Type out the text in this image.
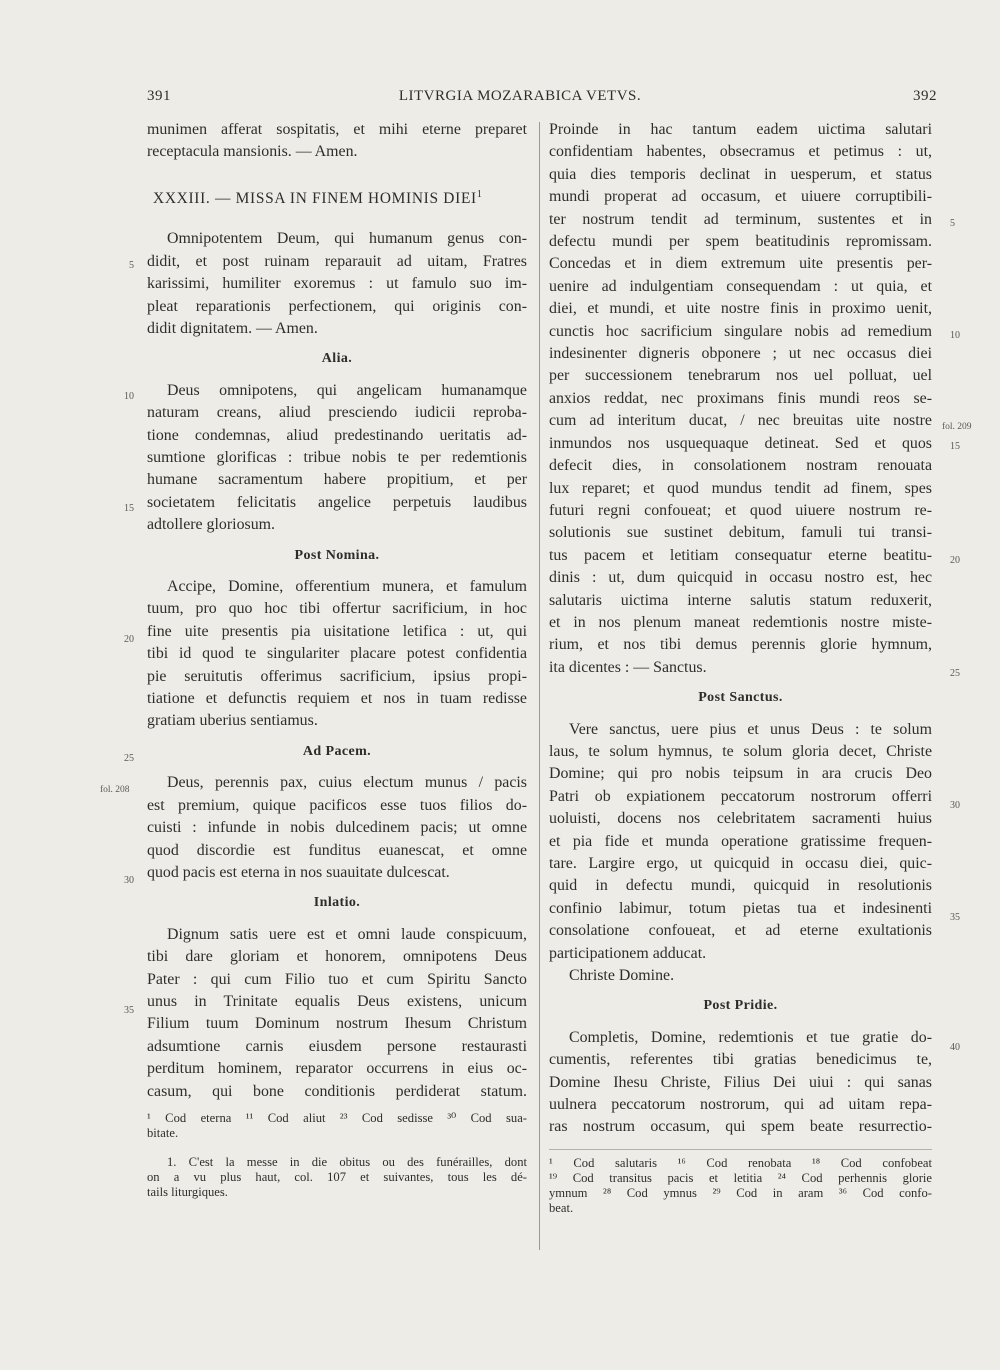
391	LITVRGIA MOZARABICA VETVS.	392
munimen afferat sospitatis, et mihi eterne preparet
receptacula mansionis. — Amen.
XXXIII. — MISSA IN FINEM HOMINIS DIEI$^1$
Omnipotentem Deum, qui humanum genus con-
didit, et post ruinam reparauit ad uitam, Fratres
karissimi, humiliter exoremus : ut famulo suo im-
pleat reparationis perfectionem, qui originis con-
didit dignitatem. — Amen.
Alia.
Deus omnipotens, qui angelicam humanamque
naturam creans, aliud presciendo iudicii reproba-
tione condemnas, aliud predestinando ueritatis ad-
sumtione glorificas : tribue nobis te per redemtionis
humane sacramentum habere propitium, et per
societatem felicitatis angelice perpetuis laudibus
adtollere gloriosum.
Post Nomina.
Accipe, Domine, offerentium munera, et famulum
tuum, pro quo hoc tibi offertur sacrificium, in hoc
fine uite presentis pia uisitatione letifica : ut, qui
tibi id quod te singulariter placare potest confidentia
pie seruitutis offerimus sacrificium, ipsius propi-
tiatione et defunctis requiem et nos in tuam redisse
gratiam uberius sentiamus.
Ad Pacem.
Deus, perennis pax, cuius electum munus / pacis
est premium, quique pacificos esse tuos filios do-
cuisti : infunde in nobis dulcedinem pacis; ut omne
quod discordie est funditus euanescat, et omne
quod pacis est eterna in nos suauitate dulcescat.
Inlatio.
Dignum satis uere est et omni laude conspicuum,
tibi dare gloriam et honorem, omnipotens Deus
Pater : qui cum Filio tuo et cum Spiritu Sancto
unus in Trinitate equalis Deus existens, unicum
Filium tuum Dominum nostrum Ihesum Christum
adsumtione carnis eiusdem persone restaurasti
perditum hominem, reparator occurrens in eius oc-
casum, qui bone conditionis perdiderat statum.
¹ Cod eterna ¹¹ Cod aliut ²³ Cod sedisse ³⁰ Cod sua-
bitate.
1. C'est la messe in die obitus ou des funérailles, dont
on a vu plus haut, col. 107 et suivantes, tous les dé-
tails liturgiques.
Proinde in hac tantum eadem uictima salutari
confidentiam habentes, obsecramus et petimus : ut,
quia dies temporis declinat in uesperum, et status
mundi properat ad occasum, et uiuere corruptibili-
ter nostrum tendit ad terminum, sustentes et in
defectu mundi per spem beatitudinis repromissam.
Concedas et in diem extremum uite presentis per-
uenire ad indulgentiam consequendam : ut quia, et
diei, et mundi, et uite nostre finis in proximo uenit,
cunctis hoc sacrificium singulare nobis ad remedium
indesinenter digneris obponere ; ut nec occasus diei
per successionem tenebrarum nos uel polluat, uel
anxios reddat, nec proximans finis mundi reos se-
cum ad interitum ducat, / nec breuitas uite nostre
inmundos nos usquequaque detineat. Sed et quos
defecit dies, in consolationem nostram renouata
lux reparet; et quod mundus tendit ad finem, spes
futuri regni confoueat; et quod uiuere nostrum re-
solutionis sue sustinet debitum, famuli tui transi-
tus pacem et letitiam consequatur eterne beatitu-
dinis : ut, dum quicquid in occasu nostro est, hec
salutaris uictima interne salutis statum reduxerit,
et in nos plenum maneat redemtionis nostre miste-
rium, et nos tibi demus perennis glorie hymnum,
ita dicentes : — Sanctus.
Post Sanctus.
Vere sanctus, uere pius et unus Deus : te solum
laus, te solum hymnus, te solum gloria decet, Christe
Domine; qui pro nobis teipsum in ara crucis Deo
Patri ob expiationem peccatorum nostrorum offerri
uoluisti, docens nos celebritatem sacramenti huius
et pia fide et munda operatione gratissime frequen-
tare. Largire ergo, ut quicquid in occasu diei, quic-
quid in defectu mundi, quicquid in resolutionis
confinio labimur, totum pietas tua et indesinenti
consolatione confoueat, et ad eterne exultationis
participationem adducat.
Christe Domine.
Post Pridie.
Completis, Domine, redemtionis et tue gratie do-
cumentis, referentes tibi gratias benedicimus te,
Domine Ihesu Christe, Filius Dei uiui : qui sanas
uulnera peccatorum nostrorum, qui ad uitam repa-
ras nostrum occasum, qui spem beate resurrectio-
¹ Cod salutaris ¹⁶ Cod renobata ¹⁸ Cod confobeat
¹⁹ Cod transitus pacis et letitia ²⁴ Cod perhennis glorie
ymnum ²⁸ Cod ymnus ²⁹ Cod in aram ³⁶ Cod confo-
beat.
5
10
15
20
25
fol. 208
30
35
5
10
fol. 209
15
20
25
30
35
40
